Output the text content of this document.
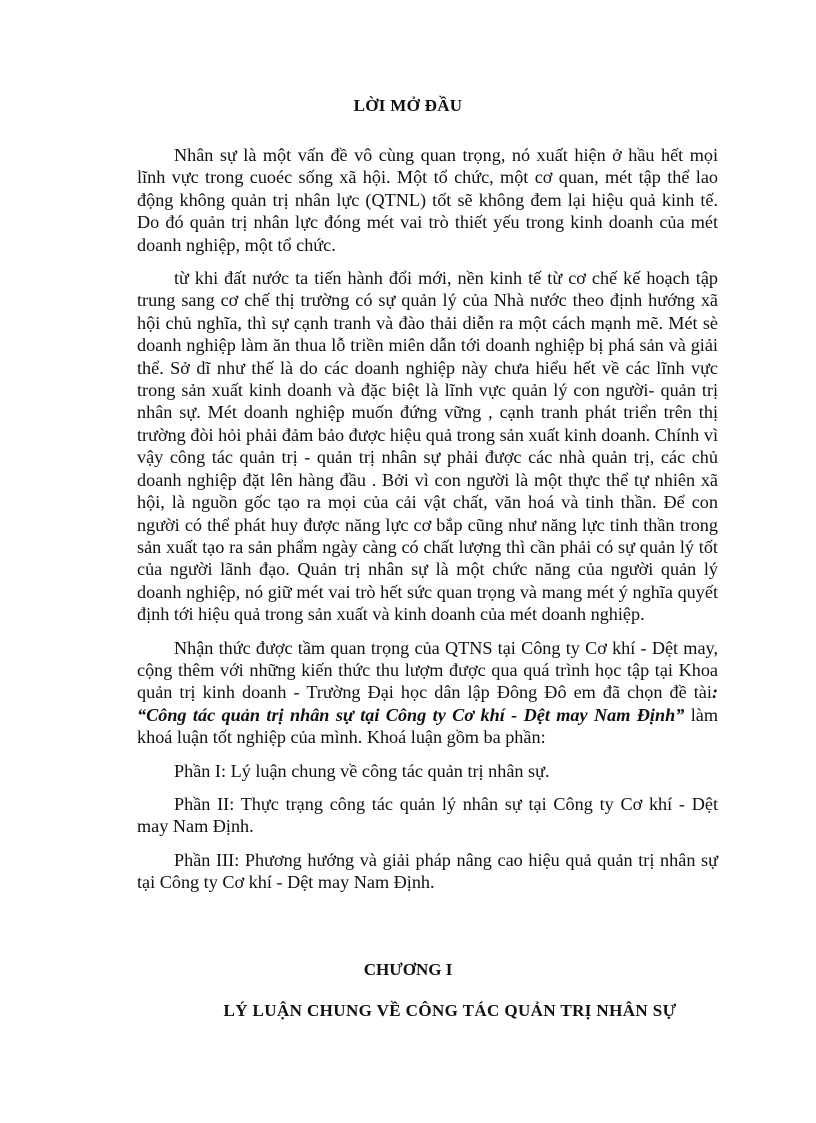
LỜI MỞ ĐẦU

Nhân sự là một vấn đề vô cùng quan trọng, nó xuất hiện ở hầu hết mọi lĩnh vực trong cuoéc sống xã hội. Một tổ chức, một cơ quan, mét tập thể lao động không quản trị nhân lực (QTNL) tốt sẽ không đem lại hiệu quả kinh tế. Do đó quản trị nhân lực đóng mét vai trò thiết yếu trong kinh doanh của mét doanh nghiệp, một tổ chức.

từ khi đất nước ta tiến hành đổi mới, nền kinh tế từ cơ chế kế hoạch tập trung sang cơ chế thị trường có sự quản lý của Nhà nước theo định hướng xã hội chủ nghĩa, thì sự cạnh tranh và đào thải diễn ra một cách mạnh mẽ. Mét sè doanh nghiệp làm ăn thua lỗ triền miên dẫn tới doanh nghiệp bị phá sản và giải thể. Sở dĩ như thế là do các doanh nghiệp này chưa hiểu hết về các lĩnh vực trong sản xuất kinh doanh và đặc biệt là lĩnh vực quản lý con người- quản trị nhân sự. Mét doanh nghiệp muốn đứng vững , cạnh tranh phát triển trên thị trường đòi hỏi phải đảm bảo được hiệu quả trong sản xuất kinh doanh. Chính vì vậy công tác quản trị - quản trị nhân sự phải được các nhà quản trị, các chủ doanh nghiệp đặt lên hàng đầu . Bởi vì con người là một thực thể tự nhiên xã hội, là nguồn gốc tạo ra mọi của cải vật chất, văn hoá và tinh thần. Để con người có thể phát huy được năng lực cơ bắp cũng như năng lực tinh thần trong sản xuất tạo ra sản phẩm ngày càng có chất lượng thì cần phải có sự quản lý tốt của người lãnh đạo. Quản trị nhân sự là một chức năng của người quản lý doanh nghiệp, nó giữ mét vai trò hết sức quan trọng và mang mét ý nghĩa quyết định tới hiệu quả trong sản xuất và kinh doanh của mét doanh nghiệp.

Nhận thức được tầm quan trọng của QTNS tại Công ty Cơ khí - Dệt may, cộng thêm với những kiến thức thu lượm được qua quá trình học tập tại Khoa quản trị kinh doanh - Trường Đại học dân lập Đông Đô em đã chọn đề tài: “Công tác quản trị nhân sự tại Công ty Cơ khí - Dệt may Nam Định” làm khoá luận tốt nghiệp của mình. Khoá luận gồm ba phần:

Phần I: Lý luận chung về công tác quản trị nhân sự.

Phần II: Thực trạng công tác quản lý nhân sự tại Công ty Cơ khí - Dệt may Nam Định.

Phần III: Phương hướng và giải pháp nâng cao hiệu quả quản trị nhân sự tại Công ty Cơ khí - Dệt may Nam Định.

CHƯƠNG I
LÝ LUẬN CHUNG VỀ CÔNG TÁC QUẢN TRỊ NHÂN SỰ
